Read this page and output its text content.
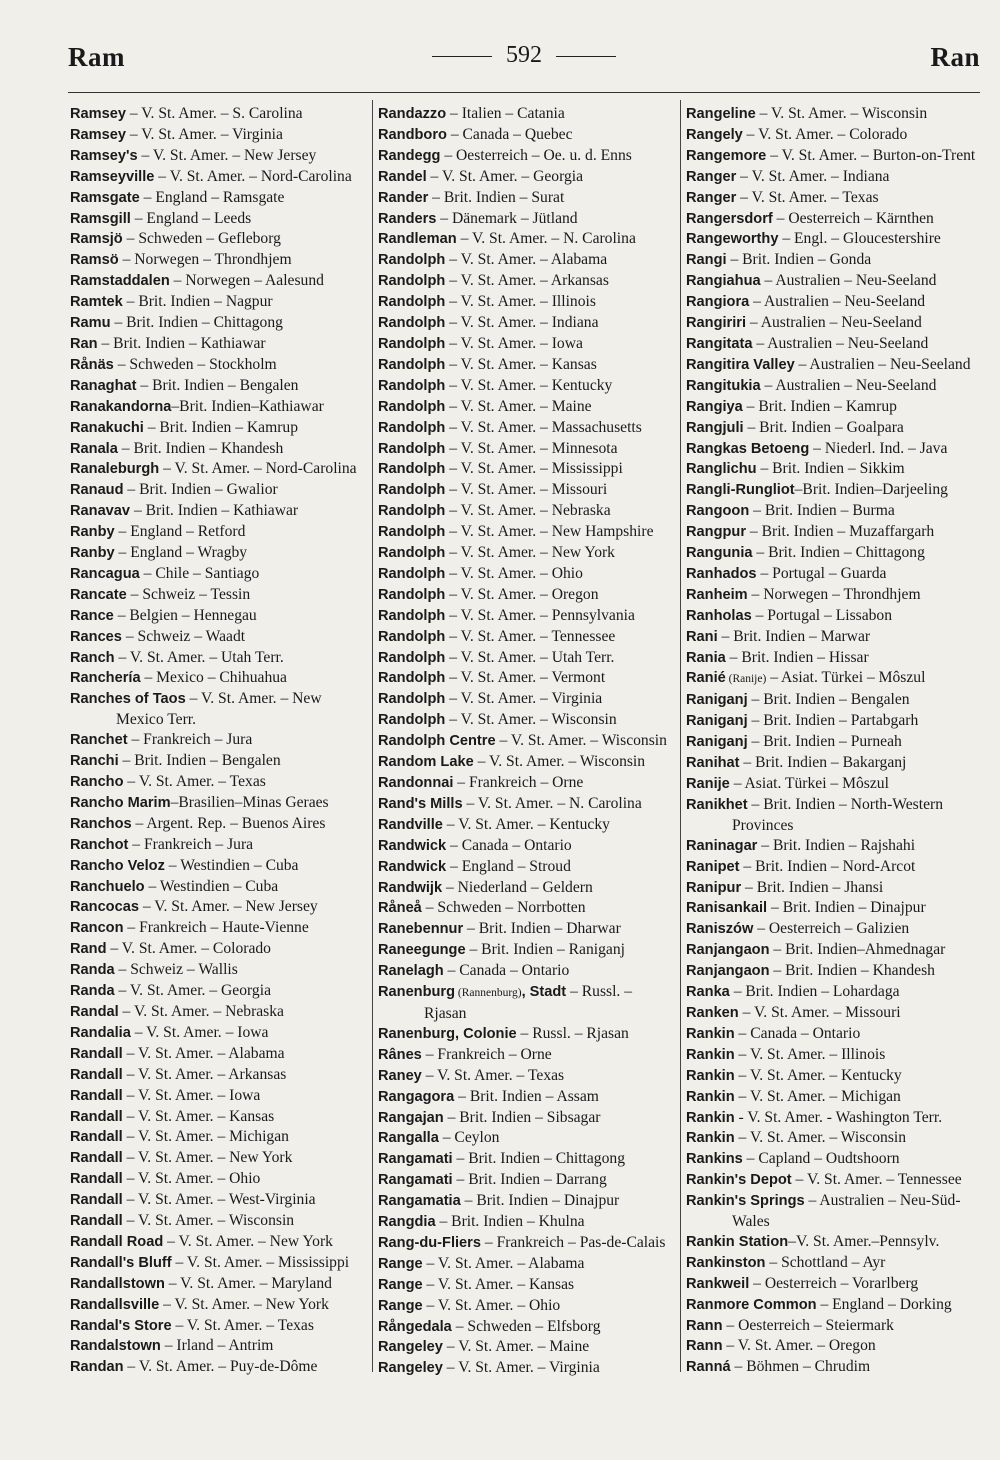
Ram	592	Ran
Ramsey – V. St. Amer. – S. Carolina
Ramsey – V. St. Amer. – Virginia
Ramsey's – V. St. Amer. – New Jersey
Ramseyville – V. St. Amer. – Nord-Carolina
Ramsgate – England – Ramsgate
Ramsgill – England – Leeds
Ramsjö – Schweden – Gefleborg
Ramsö – Norwegen – Throndhjem
Ramstaddalen – Norwegen – Aalesund
Ramtek – Brit. Indien – Nagpur
Ramu – Brit. Indien – Chittagong
Ran – Brit. Indien – Kathiawar
Rånäs – Schweden – Stockholm
Ranaghat – Brit. Indien – Bengalen
Ranakandorna–Brit. Indien–Kathiawar
Ranakuchi – Brit. Indien – Kamrup
Ranala – Brit. Indien – Khandesh
Ranaleburgh – V. St. Amer. – Nord-Carolina
Ranaud – Brit. Indien – Gwalior
Ranavav – Brit. Indien – Kathiawar
Ranby – England – Retford
Ranby – England – Wragby
Rancagua – Chile – Santiago
Rancate – Schweiz – Tessin
Rance – Belgien – Hennegau
Rances – Schweiz – Waadt
Ranch – V. St. Amer. – Utah Terr.
Ranchería – Mexico – Chihuahua
Ranches of Taos – V. St. Amer. – New Mexico Terr.
Ranchet – Frankreich – Jura
Ranchi – Brit. Indien – Bengalen
Rancho – V. St. Amer. – Texas
Rancho Marim–Brasilien–Minas Geraes
Ranchos – Argent. Rep. – Buenos Aires
Ranchot – Frankreich – Jura
Rancho Veloz – Westindien – Cuba
Ranchuelo – Westindien – Cuba
Rancocas – V. St. Amer. – New Jersey
Rancon – Frankreich – Haute-Vienne
Rand – V. St. Amer. – Colorado
Randa – Schweiz – Wallis
Randa – V. St. Amer. – Georgia
Randal – V. St. Amer. – Nebraska
Randalia – V. St. Amer. – Iowa
Randall – V. St. Amer. – Alabama
Randall – V. St. Amer. – Arkansas
Randall – V. St. Amer. – Iowa
Randall – V. St. Amer. – Kansas
Randall – V. St. Amer. – Michigan
Randall – V. St. Amer. – New York
Randall – V. St. Amer. – Ohio
Randall – V. St. Amer. – West-Virginia
Randall – V. St. Amer. – Wisconsin
Randall Road – V. St. Amer. – New York
Randall's Bluff – V. St. Amer. – Mississippi
Randallstown – V. St. Amer. – Maryland
Randallsville – V. St. Amer. – New York
Randal's Store – V. St. Amer. – Texas
Randalstown – Irland – Antrim
Randan – V. St. Amer. – Puy-de-Dôme
Randazzo – Italien – Catania
Randboro – Canada – Quebec
Randegg – Oesterreich – Oe. u. d. Enns
Randel – V. St. Amer. – Georgia
Rander – Brit. Indien – Surat
Randers – Dänemark – Jütland
Randleman – V. St. Amer. – N. Carolina
Randolph – V. St. Amer. – Alabama
Randolph – V. St. Amer. – Arkansas
Randolph – V. St. Amer. – Illinois
Randolph – V. St. Amer. – Indiana
Randolph – V. St. Amer. – Iowa
Randolph – V. St. Amer. – Kansas
Randolph – V. St. Amer. – Kentucky
Randolph – V. St. Amer. – Maine
Randolph – V. St. Amer. – Massachusetts
Randolph – V. St. Amer. – Minnesota
Randolph – V. St. Amer. – Mississippi
Randolph – V. St. Amer. – Missouri
Randolph – V. St. Amer. – Nebraska
Randolph – V. St. Amer. – New Hampshire
Randolph – V. St. Amer. – New York
Randolph – V. St. Amer. – Ohio
Randolph – V. St. Amer. – Oregon
Randolph – V. St. Amer. – Pennsylvania
Randolph – V. St. Amer. – Tennessee
Randolph – V. St. Amer. – Utah Terr.
Randolph – V. St. Amer. – Vermont
Randolph – V. St. Amer. – Virginia
Randolph – V. St. Amer. – Wisconsin
Randolph Centre – V. St. Amer. – Wisconsin
Random Lake – V. St. Amer. – Wisconsin
Randonnai – Frankreich – Orne
Rand's Mills – V. St. Amer. – N. Carolina
Randville – V. St. Amer. – Kentucky
Randwick – Canada – Ontario
Randwick – England – Stroud
Randwijk – Niederland – Geldern
Råneå – Schweden – Norrbotten
Ranebennur – Brit. Indien – Dharwar
Raneegunge – Brit. Indien – Raniganj
Ranelagh – Canada – Ontario
Ranenburg (Rannenburg), Stadt – Russl. – Rjasan
Ranenburg, Colonie – Russl. – Rjasan
Rânes – Frankreich – Orne
Raney – V. St. Amer. – Texas
Rangagora – Brit. Indien – Assam
Rangajan – Brit. Indien – Sibsagar
Rangalla – Ceylon
Rangamati – Brit. Indien – Chittagong
Rangamati – Brit. Indien – Darrang
Rangamatia – Brit. Indien – Dinajpur
Rangdia – Brit. Indien – Khulna
Rang-du-Fliers – Frankreich – Pas-de-Calais
Range – V. St. Amer. – Alabama
Range – V. St. Amer. – Kansas
Range – V. St. Amer. – Ohio
Rångedala – Schweden – Elfsborg
Rangeley – V. St. Amer. – Maine
Rangeley – V. St. Amer. – Virginia
Rangeline – V. St. Amer. – Wisconsin
Rangely – V. St. Amer. – Colorado
Rangemore – V. St. Amer. – Burton-on-Trent
Ranger – V. St. Amer. – Indiana
Ranger – V. St. Amer. – Texas
Rangersdorf – Oesterreich – Kärnthen
Rangeworthy – Engl. – Gloucestershire
Rangi – Brit. Indien – Gonda
Rangiahua – Australien – Neu-Seeland
Rangiora – Australien – Neu-Seeland
Rangiriri – Australien – Neu-Seeland
Rangitata – Australien – Neu-Seeland
Rangitira Valley – Australien – Neu-Seeland
Rangitukia – Australien – Neu-Seeland
Rangiya – Brit. Indien – Kamrup
Rangjuli – Brit. Indien – Goalpara
Rangkas Betoeng – Niederl. Ind. – Java
Ranglichu – Brit. Indien – Sikkim
Rangli-Rungliot–Brit. Indien–Darjeeling
Rangoon – Brit. Indien – Burma
Rangpur – Brit. Indien – Muzaffargarh
Rangunia – Brit. Indien – Chittagong
Ranhados – Portugal – Guarda
Ranheim – Norwegen – Throndhjem
Ranholas – Portugal – Lissabon
Rani – Brit. Indien – Marwar
Rania – Brit. Indien – Hissar
Ranié (Ranije) – Asiat. Türkei – Môszul
Raniganj – Brit. Indien – Bengalen
Raniganj – Brit. Indien – Partabgarh
Raniganj – Brit. Indien – Purneah
Ranihat – Brit. Indien – Bakarganj
Ranije – Asiat. Türkei – Môszul
Ranikhet – Brit. Indien – North-Western Provinces
Raninagar – Brit. Indien – Rajshahi
Ranipet – Brit. Indien – Nord-Arcot
Ranipur – Brit. Indien – Jhansi
Ranisankail – Brit. Indien – Dinajpur
Raniszów – Oesterreich – Galizien
Ranjangaon – Brit. Indien–Ahmednagar
Ranjangaon – Brit. Indien – Khandesh
Ranka – Brit. Indien – Lohardaga
Ranken – V. St. Amer. – Missouri
Rankin – Canada – Ontario
Rankin – V. St. Amer. – Illinois
Rankin – V. St. Amer. – Kentucky
Rankin – V. St. Amer. – Michigan
Rankin - V. St. Amer. - Washington Terr.
Rankin – V. St. Amer. – Wisconsin
Rankins – Capland – Oudtshoorn
Rankin's Depot – V. St. Amer. – Tennessee
Rankin's Springs – Australien – Neu-Süd-Wales
Rankin Station–V. St. Amer.–Pennsylv.
Rankinston – Schottland – Ayr
Rankweil – Oesterreich – Vorarlberg
Ranmore Common – England – Dorking
Rann – Oesterreich – Steiermark
Rann – V. St. Amer. – Oregon
Ranná – Böhmen – Chrudim
